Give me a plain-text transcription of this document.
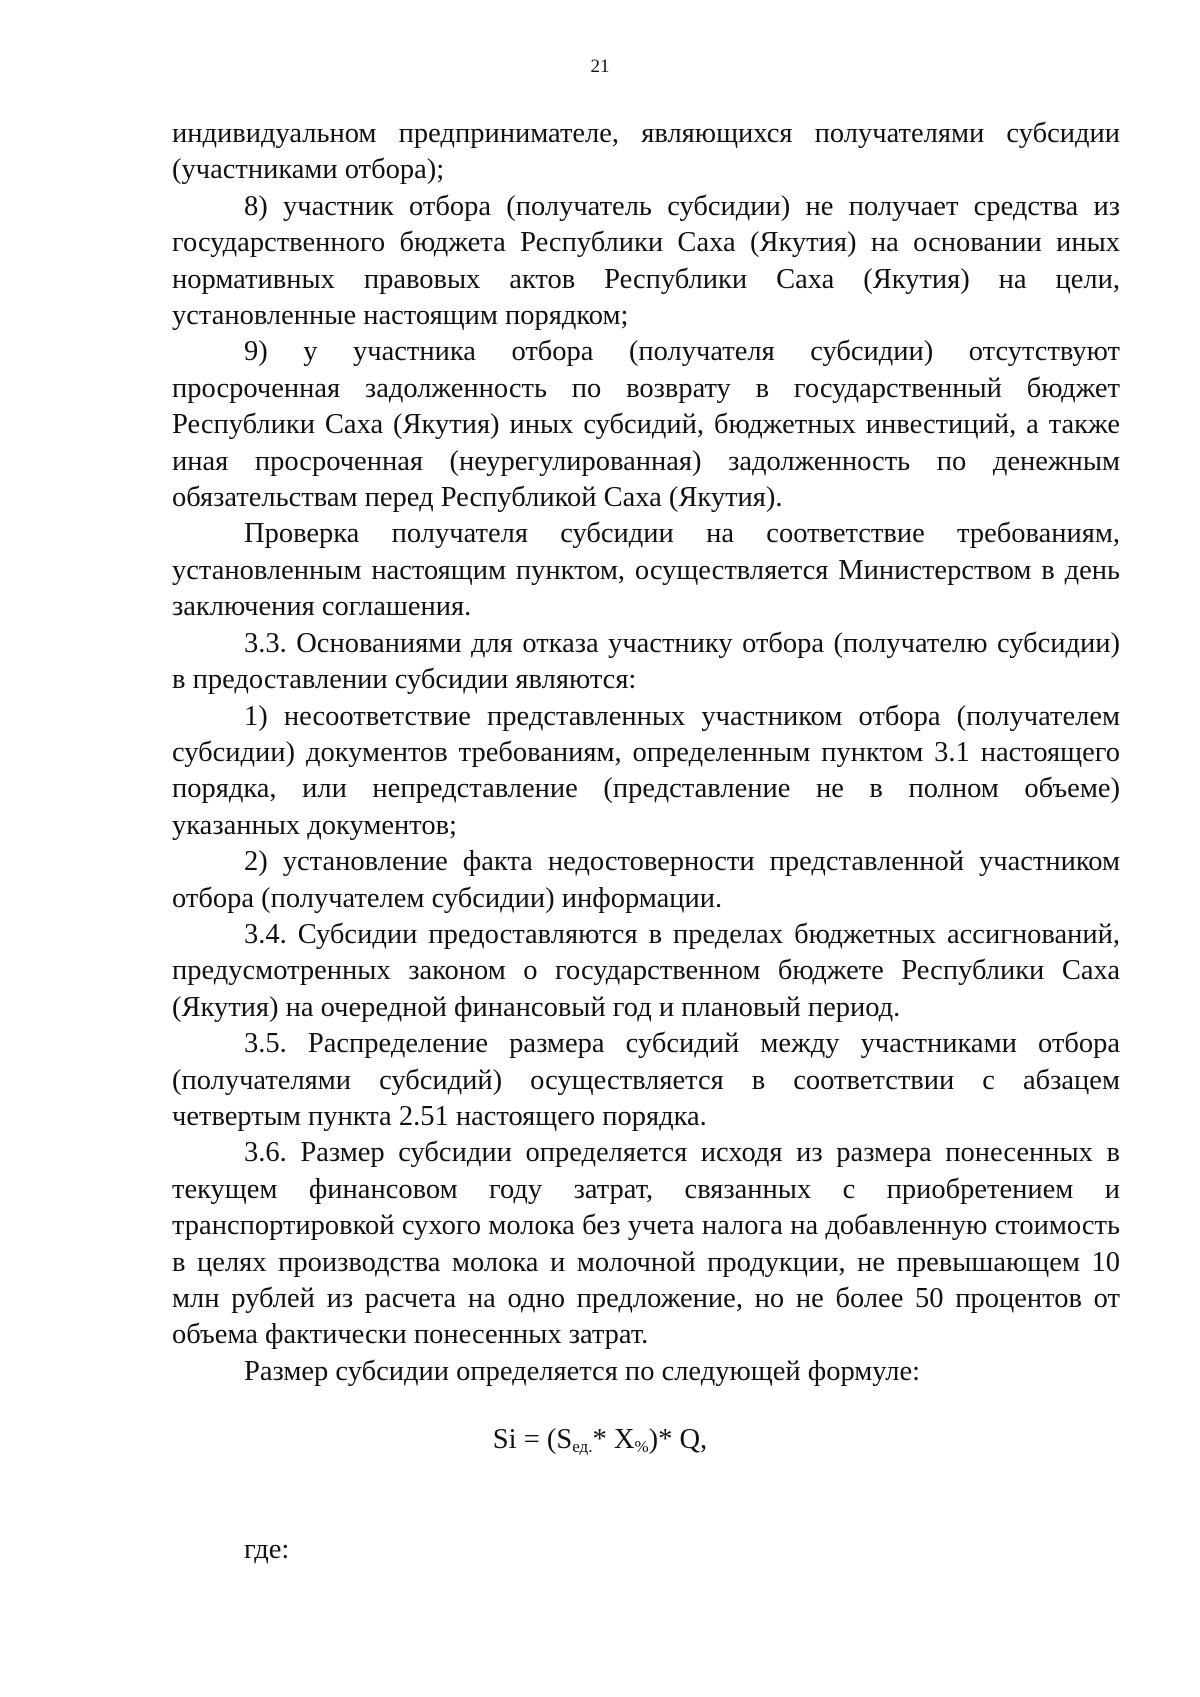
21

индивидуальном предпринимателе, являющихся получателями субсидии (участниками отбора);

8) участник отбора (получатель субсидии) не получает средства из государственного бюджета Республики Саха (Якутия) на основании иных нормативных правовых актов Республики Саха (Якутия) на цели, установленные настоящим порядком;

9) у участника отбора (получателя субсидии) отсутствуют просроченная задолженность по возврату в государственный бюджет Республики Саха (Якутия) иных субсидий, бюджетных инвестиций, а также иная просроченная (неурегулированная) задолженность по денежным обязательствам перед Республикой Саха (Якутия).

Проверка получателя субсидии на соответствие требованиям, установленным настоящим пунктом, осуществляется Министерством в день заключения соглашения.

3.3. Основаниями для отказа участнику отбора (получателю субсидии) в предоставлении субсидии являются:

1) несоответствие представленных участником отбора (получателем субсидии) документов требованиям, определенным пунктом 3.1 настоящего порядка, или непредставление (представление не в полном объеме) указанных документов;

2) установление факта недостоверности представленной участником отбора (получателем субсидии) информации.

3.4. Субсидии предоставляются в пределах бюджетных ассигнований, предусмотренных законом о государственном бюджете Республики Саха (Якутия) на очередной финансовый год и плановый период.

3.5. Распределение размера субсидий между участниками отбора (получателями субсидий) осуществляется в соответствии с абзацем четвертым пункта 2.51 настоящего порядка.

3.6. Размер субсидии определяется исходя из размера понесенных в текущем финансовом году затрат, связанных с приобретением и транспортировкой сухого молока без учета налога на добавленную стоимость в целях производства молока и молочной продукции, не превышающем 10 млн рублей из расчета на одно предложение, но не более 50 процентов от объема фактически понесенных затрат.

Размер субсидии определяется по следующей формуле:

$Si = (S_{ед.}*$ $X_{\%})*$ Q,
где:
